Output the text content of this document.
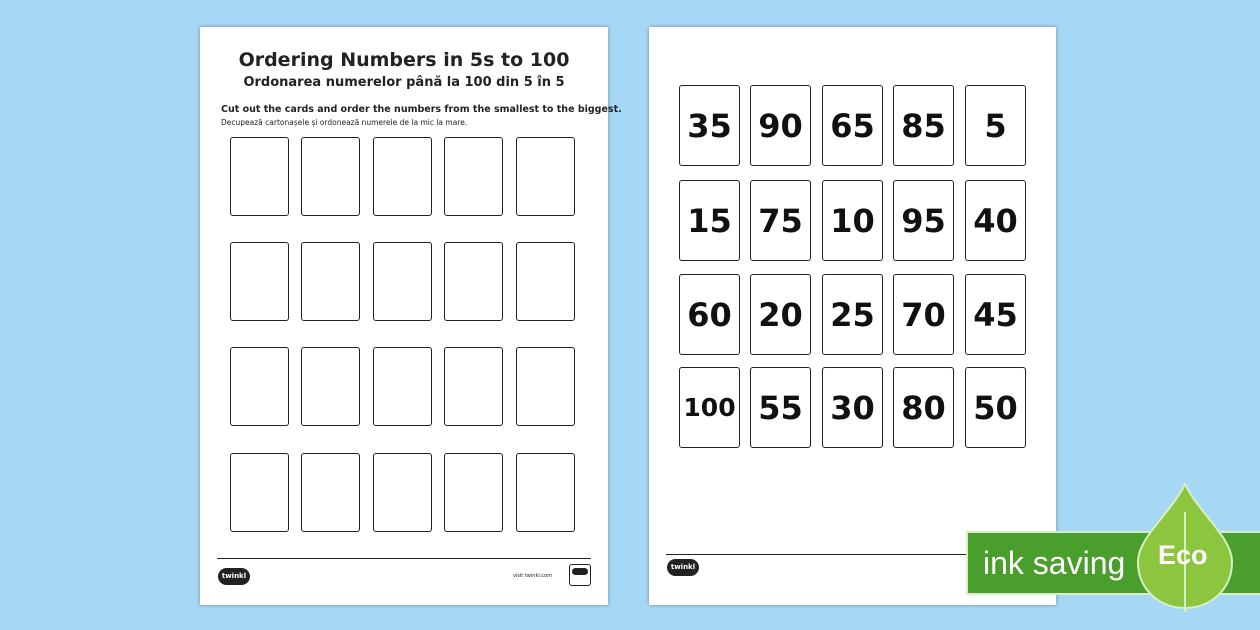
Ordering Numbers in 5s to 100
Ordonarea numerelor până la 100 din 5 în 5
Cut out the cards and order the numbers from the smallest to the biggest.
Decupează cartonașele și ordonează numerele de la mic la mare.
twinkl	visit twinkl.com
35 90 65 85	5
15 75 10 95 40
60 20 25 70 45
100 55 30 80 50
twinkl	ink saving Eco
